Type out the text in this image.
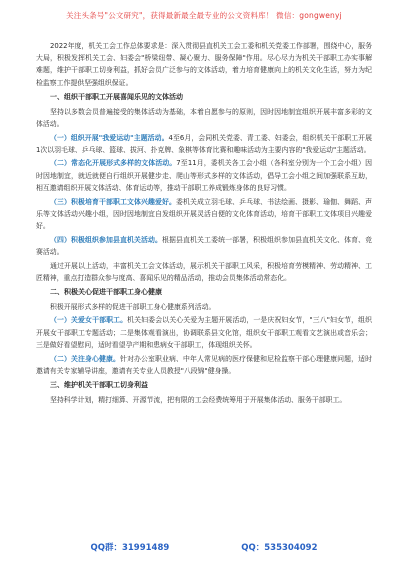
关注头条号"公文研究"，获得最新最全最专业的公文资料库！ 微信：gongwenyj

2022年度，机关工会工作总体要求是：深入贯彻县直机关工会工委和机关党委工作部署，围绕中心，服务大局，积极发挥机关工会、妇委会"桥梁纽带、凝心聚力、服务保障"作用。尽心尽力为机关干部职工办实事解难题，维护干部职工切身利益，抓好会员广泛参与的文体活动，着力培育健康向上的机关文化生活，努力为纪检监察工作提供坚强组织保证。

一、组织干部职工开展喜闻乐见的文体活动

坚持以多数会员普遍接受的集体活动为基础，本着自愿参与的原则，因时因地制宜组织开展丰富多彩的文体活动。

（一）组织开展"我爱运动"主题活动。4至6月，会同机关党委、青工委、妇委会，组织机关干部职工开展1次以羽毛球、乒乓球、篮球、拔河、扑克牌、象棋等体育比赛和趣味活动为主要内容的"我爱运动"主题活动。

（二）常态化开展形式多样的文体活动。7至11月，委机关各工会小组（各科室分别为一个工会小组）因时因地制宜，就近就便自行组织开展健步走、爬山等形式多样的文体活动，倡导工会小组之间加强联系互助，相互邀请组织开展文体活动、体育运动等，推动干部职工养成锻炼身体的良好习惯。

（三）积极培育干部职工文体兴趣爱好。委机关成立羽毛球、乒乓球、书法绘画、摄影、瑜伽、舞蹈、声乐等文体活动兴趣小组，因时因地制宜自发组织开展灵活自便的文化体育活动，培育干部职工文体项目兴趣爱好。

（四）积极组织参加县直机关活动。根据县直机关工委统一部署，积极组织参加县直机关文化、体育、竞赛活动。

通过开展以上活动，丰富机关工会文体活动，展示机关干部职工风采，积极培育劳模精神、劳动精神、工匠精神，重点打造群众参与度高、喜闻乐见的精品活动，推动会员集体活动常态化。

二、积极关心促进干部职工身心健康

积极开展形式多样的促进干部职工身心健康系列活动。

（一）关爱女干部职工。机关妇委会以关心关爱为主题开展活动，一是庆祝妇女节，"三八"妇女节，组织开展女干部职工专题活动；二是集体观看演出，协调联系县文化馆，组织女干部职工观看文艺演出或音乐会；三是做好看望慰问，适时看望孕产期和患病女干部职工，体现组织关怀。

（二）关注身心健康。针对办公室职业病、中年人常见病的医疗保健和尼检监察干部心理健康问题，适时邀请有关专家辅导讲座，邀请有关专业人员教授"八段锦"健身操。

三、维护机关干部职工切身利益

坚持科学计划，精打细算、开源节流，把有限的工会经费统筹用于开展集体活动、服务干部职工。

QQ群：31991489	QQ：535304092
